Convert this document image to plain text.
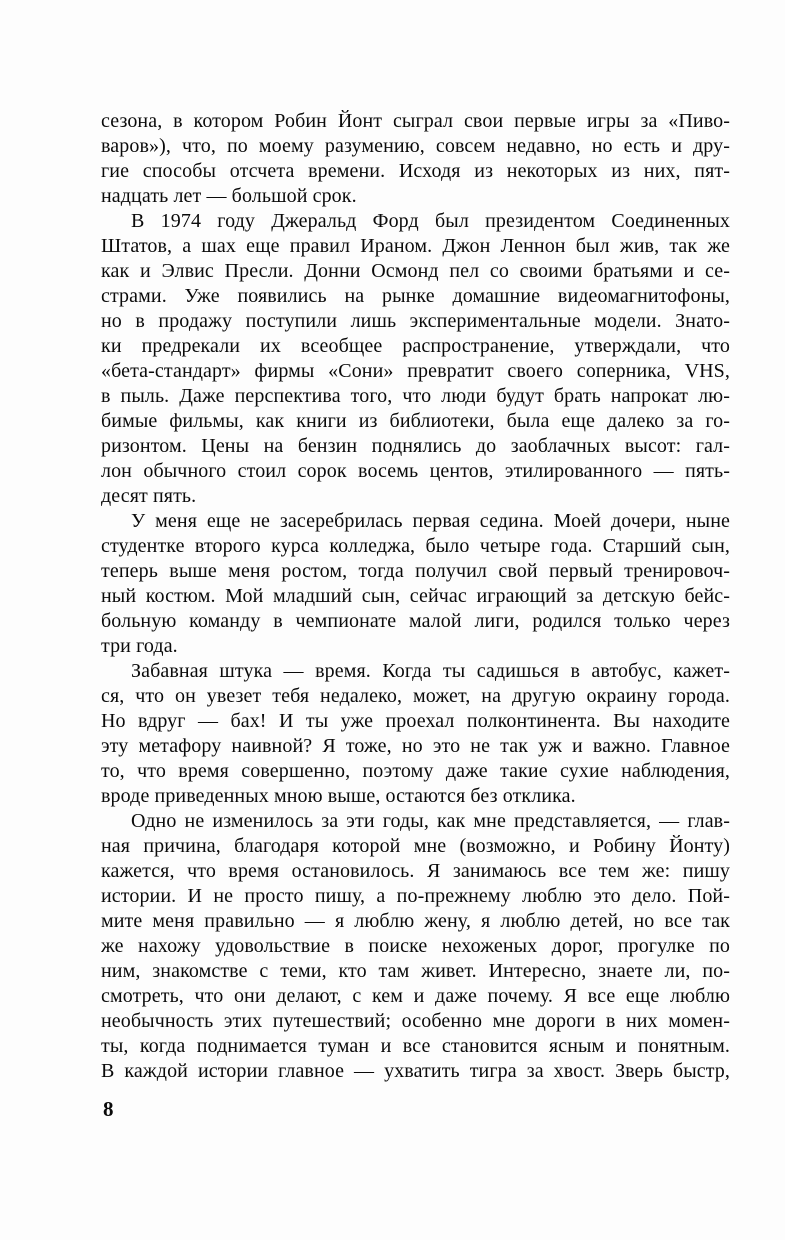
сезона, в котором Робин Йонт сыграл свои первые игры за «Пиво-
варов»), что, по моему разумению, совсем недавно, но есть и дру-
гие способы отсчета времени. Исходя из некоторых из них, пят-
надцать лет — большой срок.
В 1974 году Джеральд Форд был президентом Соединенных
Штатов, а шах еще правил Ираном. Джон Леннон был жив, так же
как и Элвис Пресли. Донни Осмонд пел со своими братьями и се-
страми. Уже появились на рынке домашние видеомагнитофоны,
но в продажу поступили лишь экспериментальные модели. Знато-
ки предрекали их всеобщее распространение, утверждали, что
«бета-стандарт» фирмы «Сони» превратит своего соперника, VHS,
в пыль. Даже перспектива того, что люди будут брать напрокат лю-
бимые фильмы, как книги из библиотеки, была еще далеко за го-
ризонтом. Цены на бензин поднялись до заоблачных высот: гал-
лон обычного стоил сорок восемь центов, этилированного — пять-
десят пять.
У меня еще не засеребрилась первая седина. Моей дочери, ныне
студентке второго курса колледжа, было четыре года. Старший сын,
теперь выше меня ростом, тогда получил свой первый тренировоч-
ный костюм. Мой младший сын, сейчас играющий за детскую бейс-
больную команду в чемпионате малой лиги, родился только через
три года.
Забавная штука — время. Когда ты садишься в автобус, кажет-
ся, что он увезет тебя недалеко, может, на другую окраину города.
Но вдруг — бах! И ты уже проехал полконтинента. Вы находите
эту метафору наивной? Я тоже, но это не так уж и важно. Главное
то, что время совершенно, поэтому даже такие сухие наблюдения,
вроде приведенных мною выше, остаются без отклика.
Одно не изменилось за эти годы, как мне представляется, — глав-
ная причина, благодаря которой мне (возможно, и Робину Йонту)
кажется, что время остановилось. Я занимаюсь все тем же: пишу
истории. И не просто пишу, а по-прежнему люблю это дело. Пой-
мите меня правильно — я люблю жену, я люблю детей, но все так
же нахожу удовольствие в поиске нехоженых дорог, прогулке по
ним, знакомстве с теми, кто там живет. Интересно, знаете ли, по-
смотреть, что они делают, с кем и даже почему. Я все еще люблю
необычность этих путешествий; особенно мне дороги в них момен-
ты, когда поднимается туман и все становится ясным и понятным.
В каждой истории главное — ухватить тигра за хвост. Зверь быстр,
8
